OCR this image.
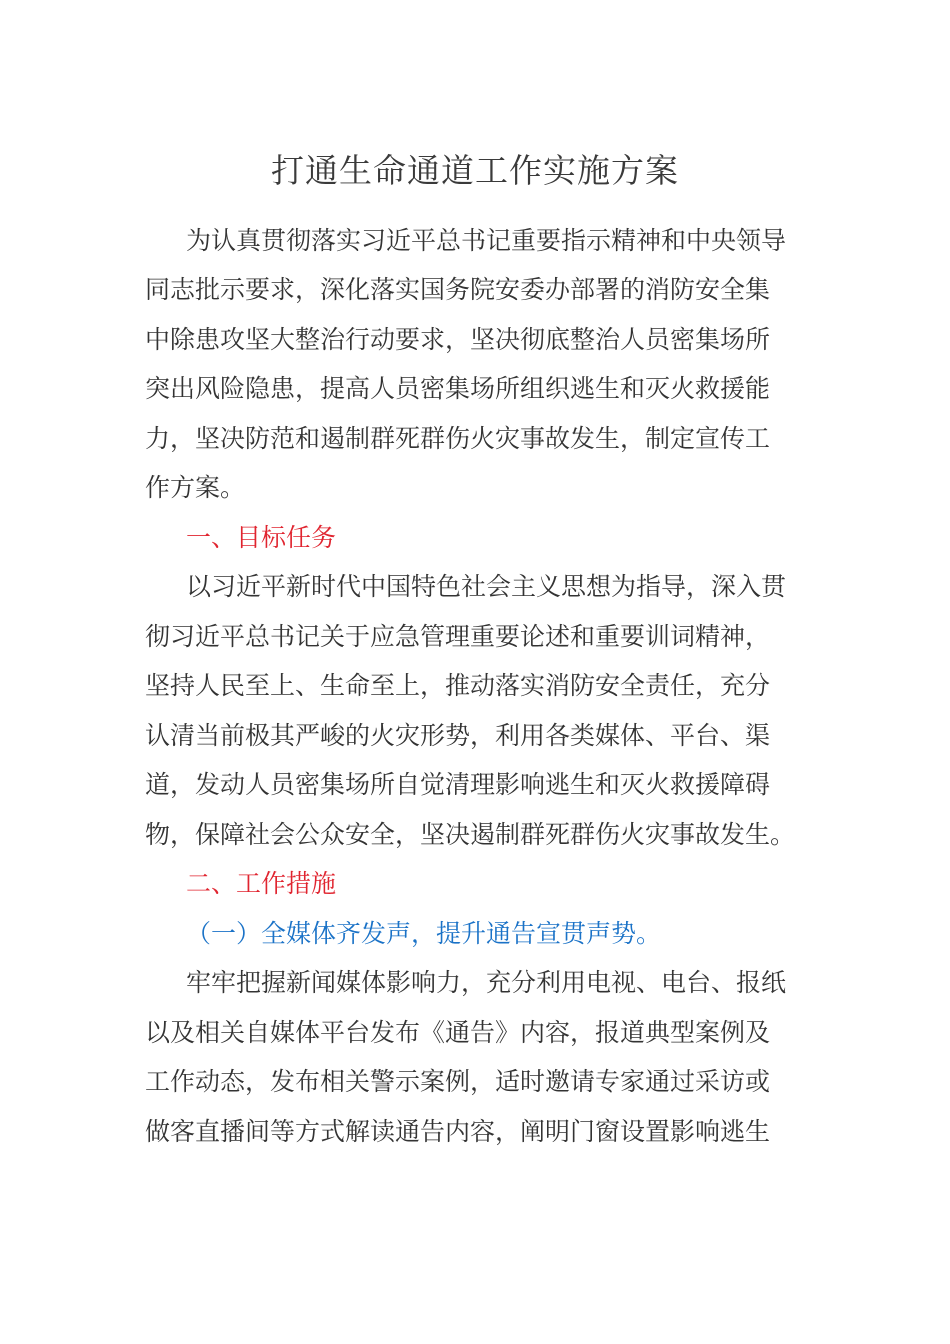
打通生命通道工作实施方案
为认真贯彻落实习近平总书记重要指示精神和中央领导
同志批示要求，深化落实国务院安委办部署的消防安全集
中除患攻坚大整治行动要求，坚决彻底整治人员密集场所
突出风险隐患，提高人员密集场所组织逃生和灭火救援能
力，坚决防范和遏制群死群伤火灾事故发生，制定宣传工
作方案。
一、目标任务
以习近平新时代中国特色社会主义思想为指导，深入贯
彻习近平总书记关于应急管理重要论述和重要训词精神，
坚持人民至上、生命至上，推动落实消防安全责任，充分
认清当前极其严峻的火灾形势，利用各类媒体、平台、渠
道，发动人员密集场所自觉清理影响逃生和灭火救援障碍
物，保障社会公众安全，坚决遏制群死群伤火灾事故发生。
二、工作措施
（一）全媒体齐发声，提升通告宣贯声势。
牢牢把握新闻媒体影响力，充分利用电视、电台、报纸
以及相关自媒体平台发布《通告》内容，报道典型案例及
工作动态，发布相关警示案例，适时邀请专家通过采访或
做客直播间等方式解读通告内容，阐明门窗设置影响逃生
